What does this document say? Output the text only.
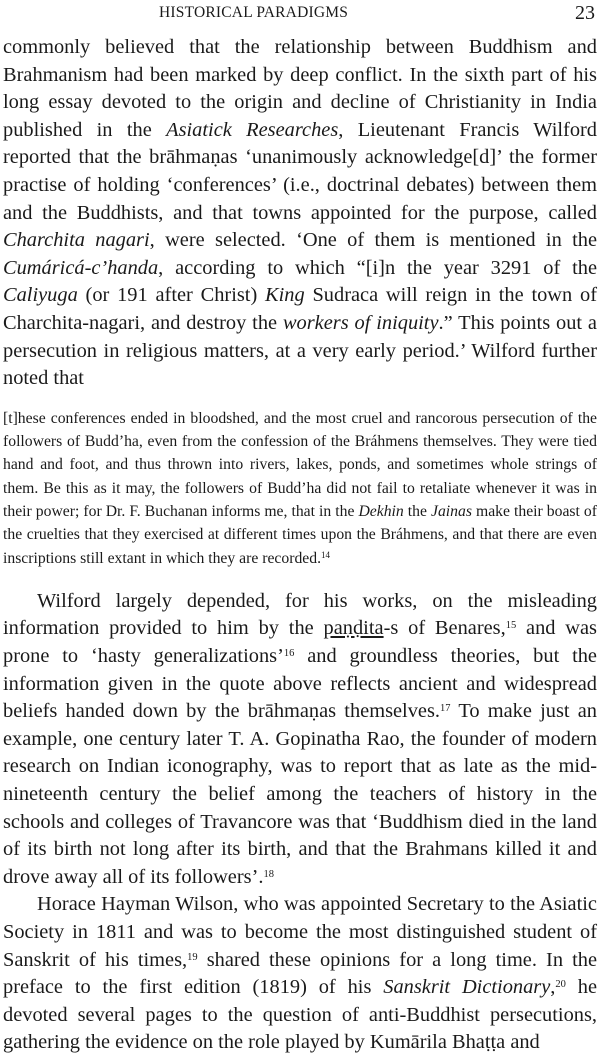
HISTORICAL PARADIGMS	23

commonly believed that the relationship between Buddhism and Brahmanism had been marked by deep conflict. In the sixth part of his long essay devoted to the origin and decline of Christianity in India published in the Asiatick Researches, Lieutenant Francis Wilford reported that the brāhmaṇas ‘unanimously acknowledge[d]’ the former practise of holding ‘conferences’ (i.e., doctrinal debates) between them and the Buddhists, and that towns appointed for the purpose, called Charchita nagari, were selected. ‘One of them is mentioned in the Cumáricá-c’handa, according to which “[i]n the year 3291 of the Caliyuga (or 191 after Christ) King Sudraca will reign in the town of Charchita-nagari, and destroy the workers of iniquity.” This points out a persecution in religious matters, at a very early period.’ Wilford further noted that

[t]hese conferences ended in bloodshed, and the most cruel and rancorous persecution of the followers of Budd’ha, even from the confession of the Bráhmens themselves. They were tied hand and foot, and thus thrown into rivers, lakes, ponds, and sometimes whole strings of them. Be this as it may, the followers of Budd’ha did not fail to retaliate whenever it was in their power; for Dr. F. Buchanan informs me, that in the Dekhin the Jainas make their boast of the cruelties that they exercised at different times upon the Bráhmens, and that there are even inscriptions still extant in which they are recorded.$^{14}$

Wilford largely depended, for his works, on the misleading information provided to him by the paṇḍita-s of Benares,$^{15}$ and was prone to ‘hasty generalizations’$^{16}$ and groundless theories, but the information given in the quote above reflects ancient and widespread beliefs handed down by the brāhmaṇas themselves.$^{17}$ To make just an example, one century later T. A. Gopinatha Rao, the founder of modern research on Indian iconography, was to report that as late as the mid-nineteenth century the belief among the teachers of history in the schools and colleges of Travancore was that ‘Buddhism died in the land of its birth not long after its birth, and that the Brahmans killed it and drove away all of its followers’.$^{18}$

Horace Hayman Wilson, who was appointed Secretary to the Asiatic Society in 1811 and was to become the most distinguished student of Sanskrit of his times,$^{19}$ shared these opinions for a long time. In the preface to the first edition (1819) of his Sanskrit Dictionary,$^{20}$ he devoted several pages to the question of anti-Buddhist persecutions, gathering the evidence on the role played by Kumārila Bhaṭṭa and
